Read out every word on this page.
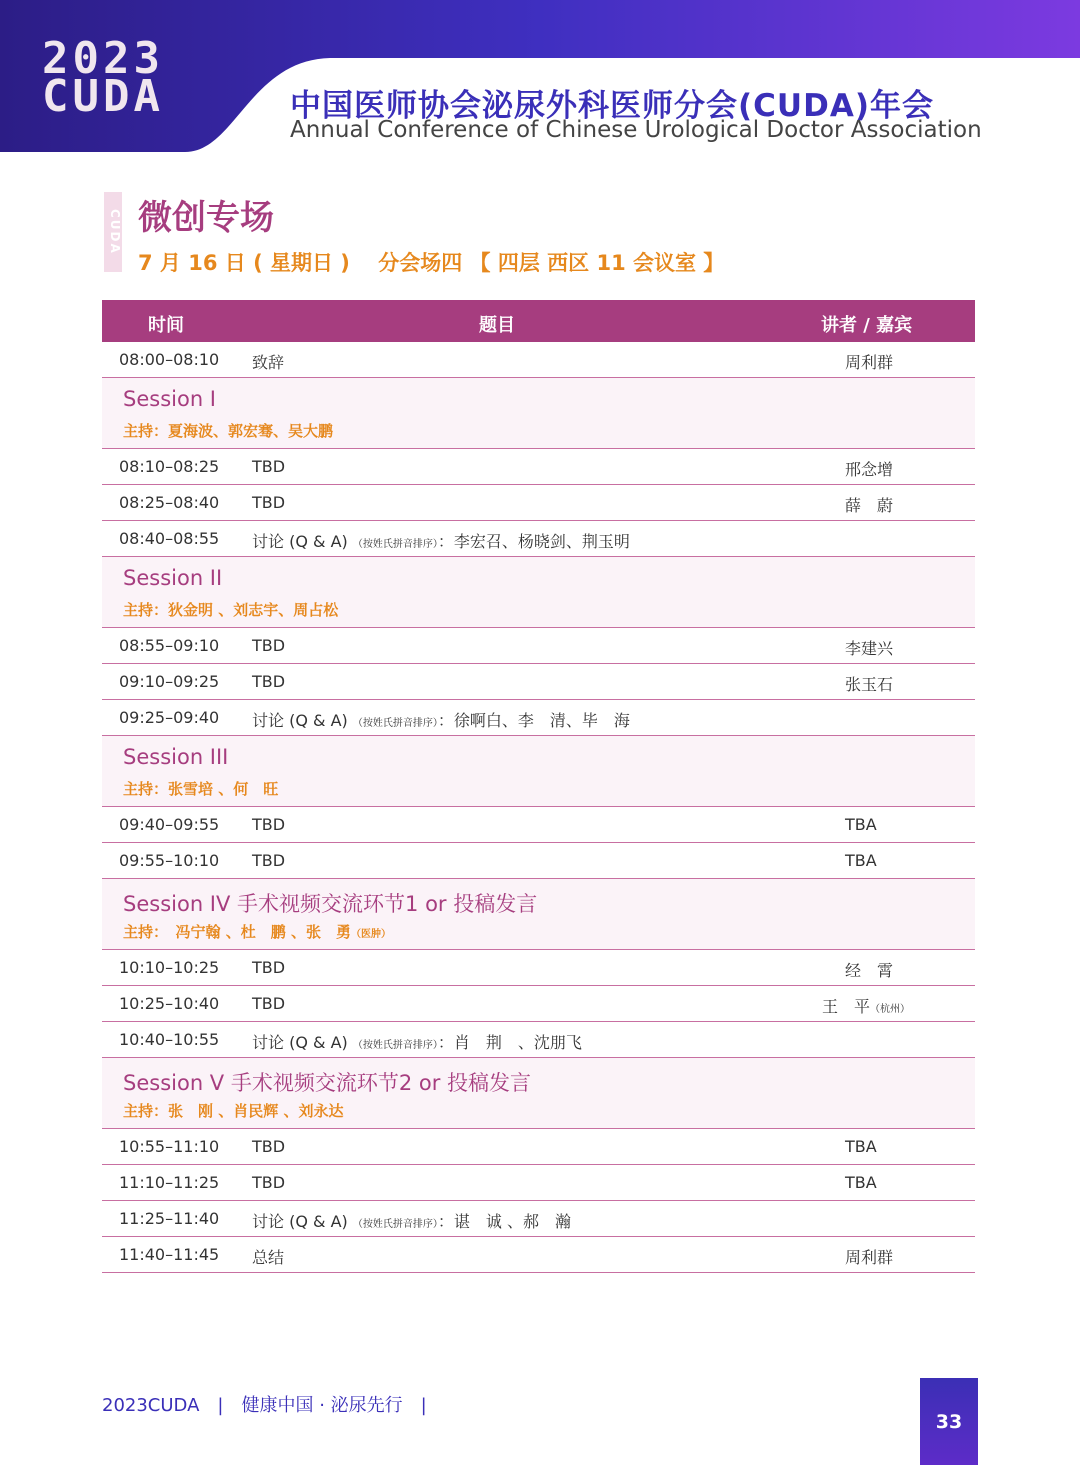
2023
CUDA	中国医师协会泌尿外科医师分会(CUDA)年会
Annual Conference of Chinese Urological Doctor Association
CUDA 微创专场
7 月 16 日 ( 星期日 )　 分会场四 【 四层 西区 11 会议室 】
时间	题目	讲者 / 嘉宾
08:00–08:10 致辞	周利群
Session I
主持：夏海波、郭宏骞、吴大鹏
08:10–08:25 TBD	邢念增
08:25–08:40 TBD	薛　蔚
08:40–08:55 讨论 (Q & A) （按姓氏拼音排序）：李宏召、杨晓剑、荆玉明
Session II
主持：狄金明 、刘志宇、周占松
08:55–09:10 TBD	李建兴
09:10–09:25 TBD	张玉石
09:25–09:40 讨论 (Q & A) （按姓氏拼音排序）：徐啊白、李　清、毕　海
Session III
主持：张雪培 、何　旺
09:40–09:55 TBD	TBA
09:55–10:10 TBD	TBA
Session IV 手术视频交流环节1 or 投稿发言
主持：　冯宁翰 、杜　鹏 、张　勇（医肿）
10:10–10:25 TBD	经　霄
10:25–10:40 TBD	王　平（杭州）
10:40–10:55 讨论 (Q & A) （按姓氏拼音排序）：肖　荆　、沈朋飞
Session V 手术视频交流环节2 or 投稿发言
主持：张　刚 、肖民辉 、刘永达
10:55–11:10 TBD	TBA
11:10–11:25 TBD	TBA
11:25–11:40 讨论 (Q & A) （按姓氏拼音排序）：谌　诚 、郝　瀚
11:40–11:45 总结	周利群
2023CUDA　|　健康中国 · 泌尿先行　|
33
